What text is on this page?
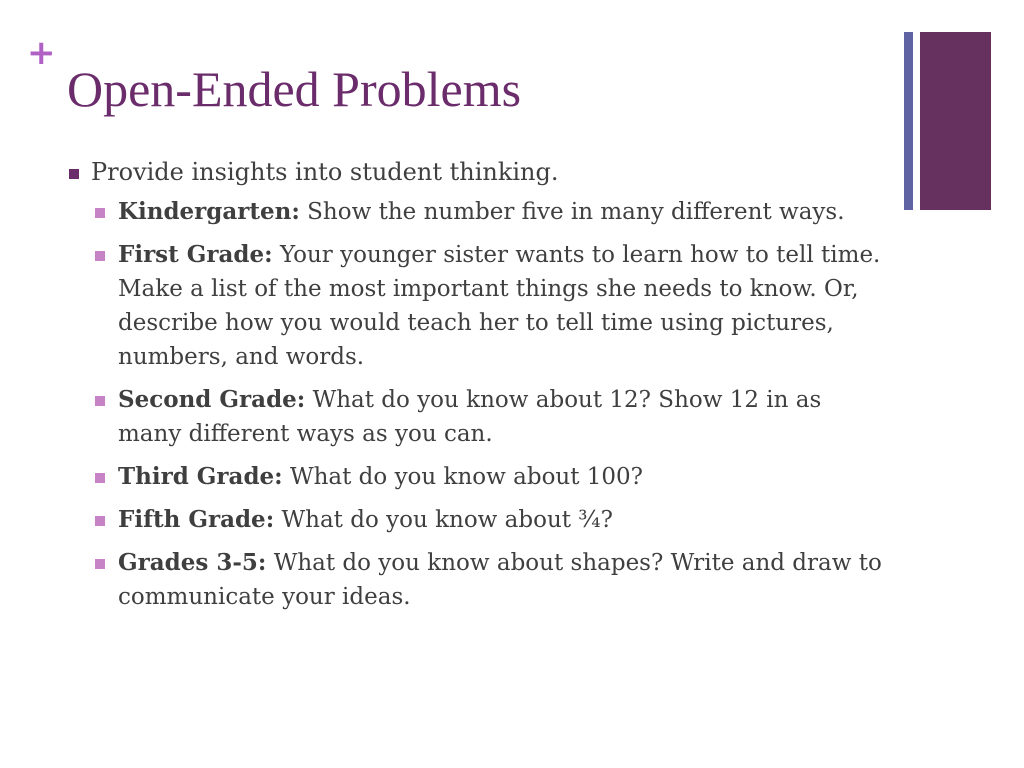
+
Open-Ended Problems
Provide insights into student thinking.
Kindergarten: Show the number five in many different ways.
First Grade: Your younger sister wants to learn how to tell time. Make a list of the most important things she needs to know. Or, describe how you would teach her to tell time using pictures, numbers, and words.
Second Grade: What do you know about 12? Show 12 in as many different ways as you can.
Third Grade: What do you know about 100?
Fifth Grade: What do you know about ¾?
Grades 3-5: What do you know about shapes? Write and draw to communicate your ideas.
